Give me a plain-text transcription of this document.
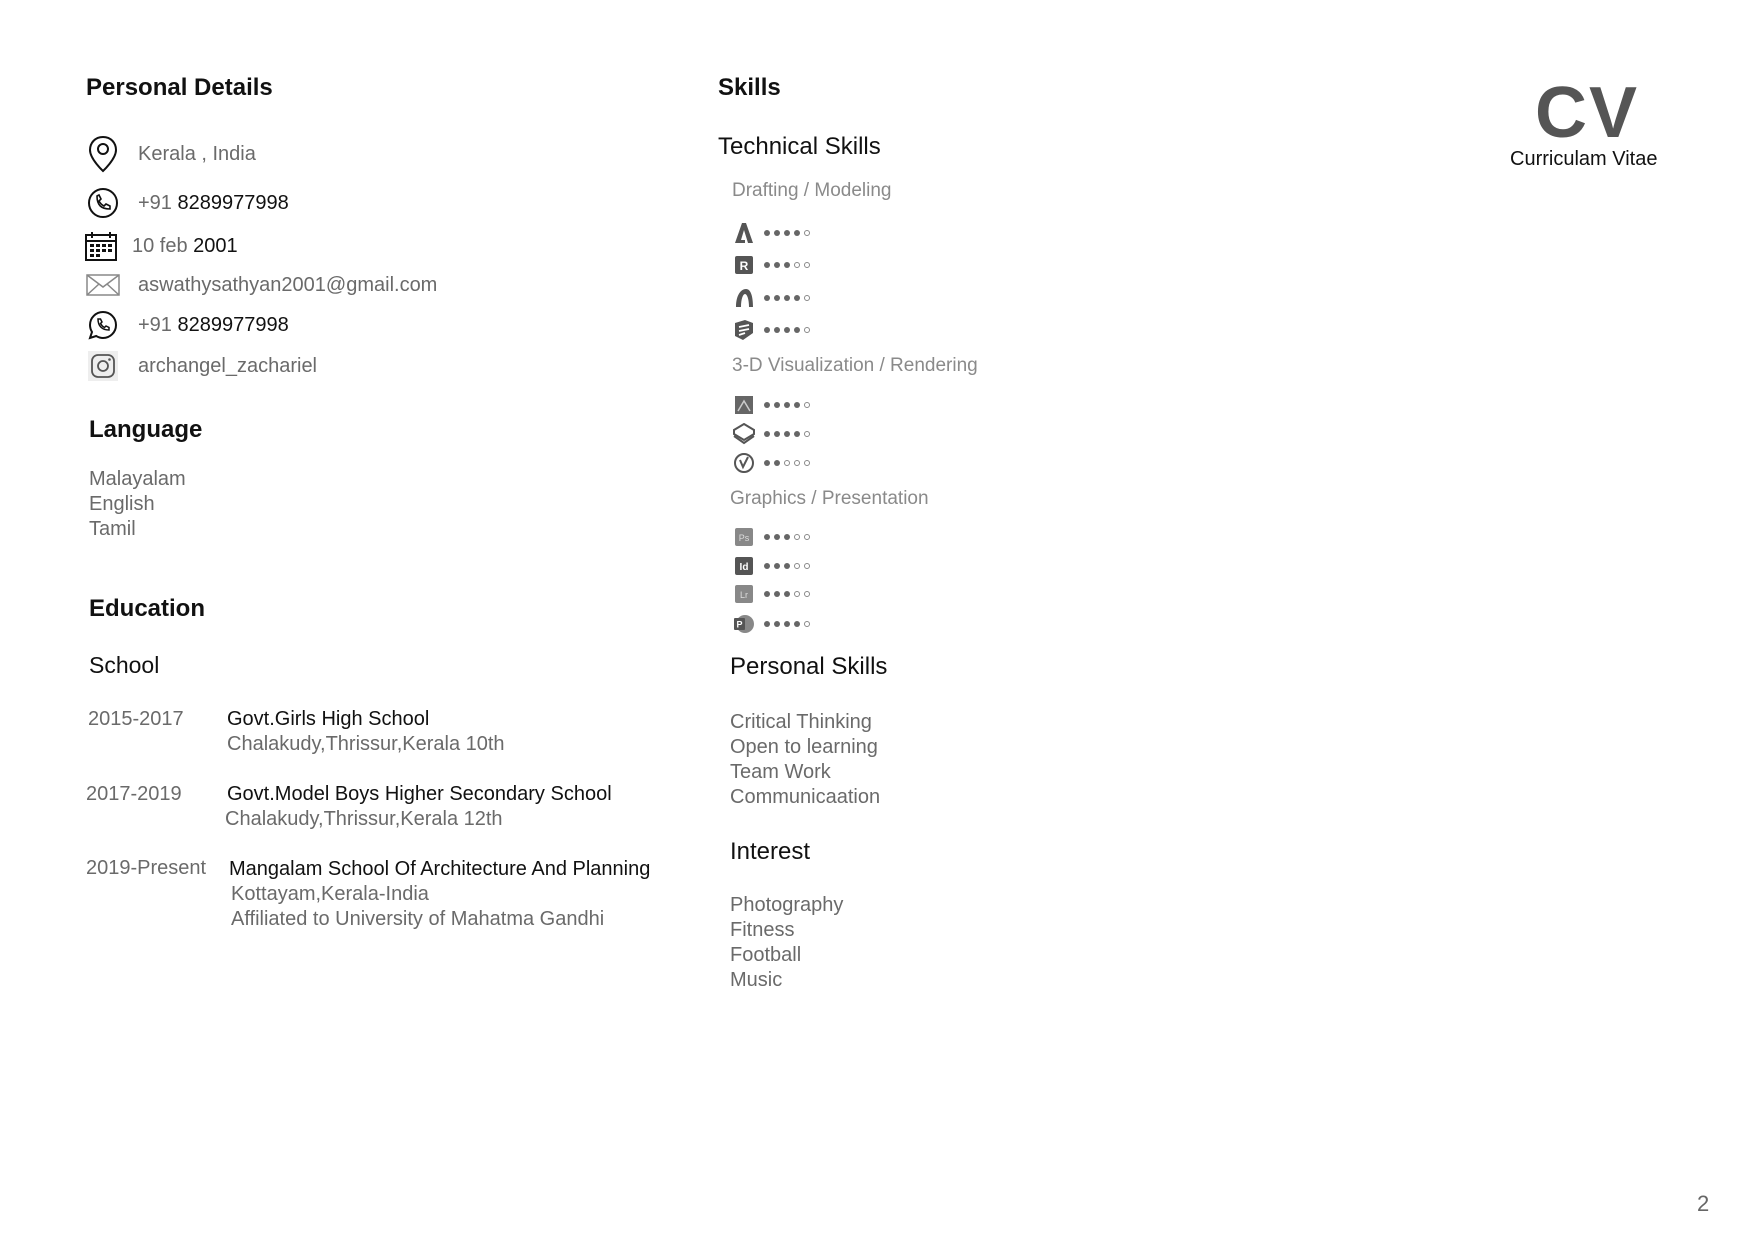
CV
Curriculam Vitae
Personal Details
Kerala , India
+91 8289977998
10 feb 2001
aswathysathyan2001@gmail.com
+91 8289977998
archangel_zachariel
Language
Malayalam
English
Tamil
Education
School
2015-2017 Govt.Girls High School
Chalakudy,Thrissur,Kerala 10th
2017-2019 Govt.Model Boys Higher Secondary School
Chalakudy,Thrissur,Kerala 12th
2019-Present Mangalam School Of Architecture And Planning
Kottayam,Kerala-India
Affiliated to University of Mahatma Gandhi
Skills
Technical Skills
Drafting / Modeling
R
3-D Visualization / Rendering
Graphics / Presentation
Ps
Id
Lr
P
Personal Skills
Critical Thinking
Open to learning
Team Work
Communicaation
Interest
Photography
Fitness
Football
Music
2
